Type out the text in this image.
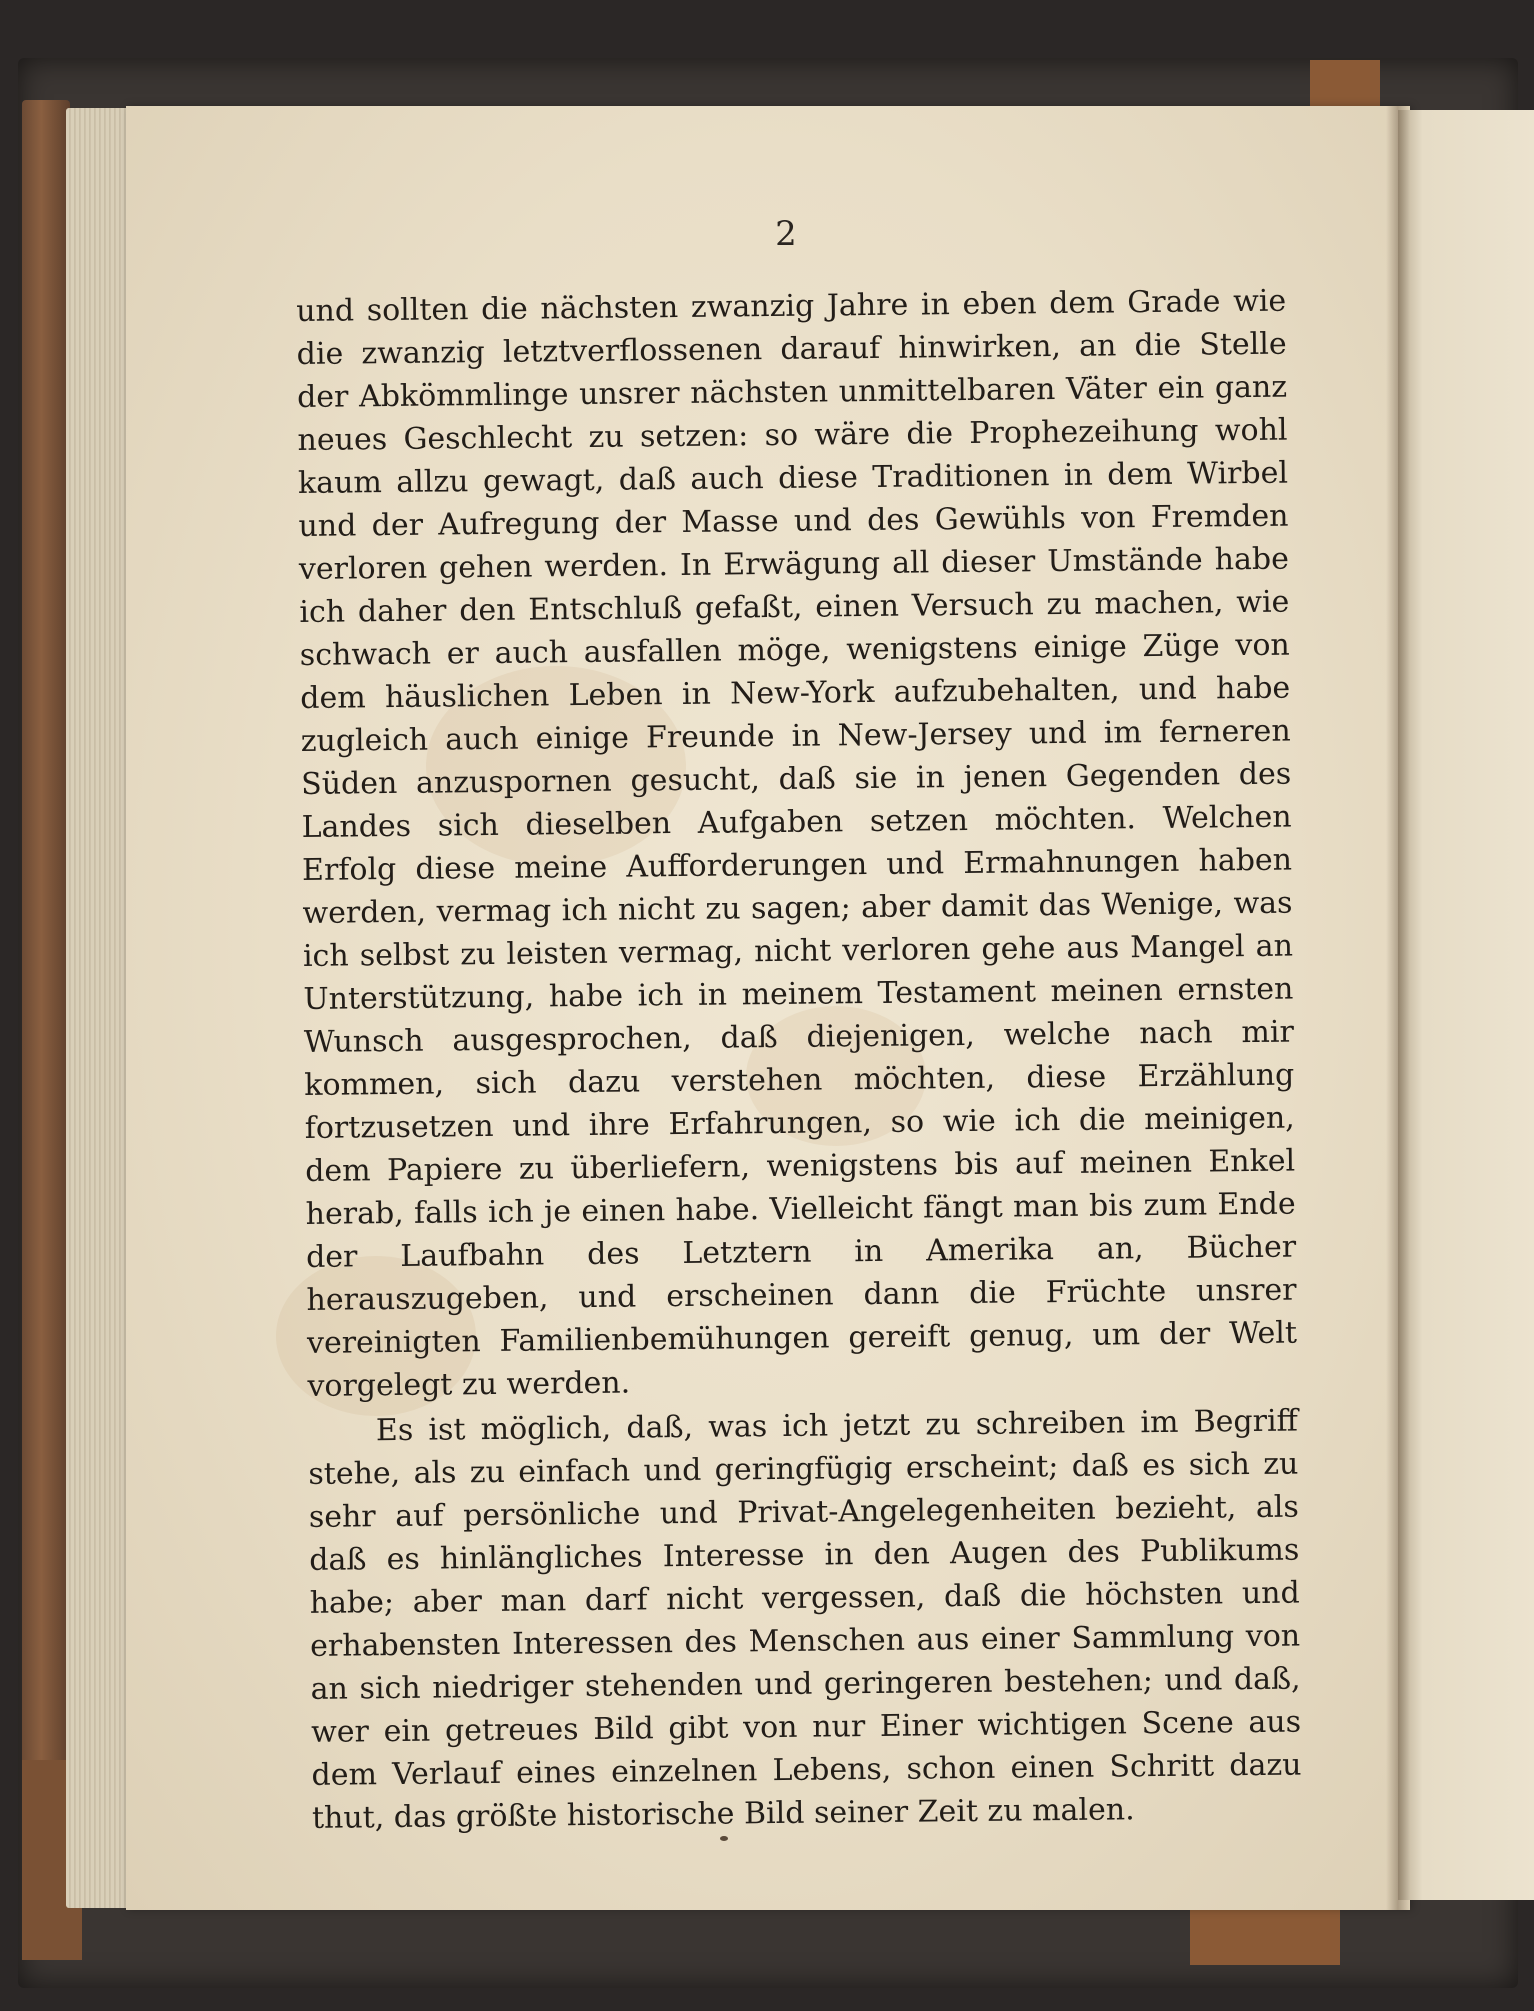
2

und sollten die nächsten zwanzig Jahre in eben dem Grade wie die zwanzig letztverflossenen darauf hinwirken, an die Stelle der Abkömmlinge unsrer nächsten unmittelbaren Väter ein ganz neues Geschlecht zu setzen: so wäre die Prophezeihung wohl kaum allzu gewagt, daß auch diese Traditionen in dem Wirbel und der Aufregung der Masse und des Gewühls von Fremden verloren gehen werden. In Erwägung all dieser Umstände habe ich daher den Entschluß gefaßt, einen Versuch zu machen, wie schwach er auch ausfallen möge, wenigstens einige Züge von dem häuslichen Leben in New-York aufzubehalten, und habe zugleich auch einige Freunde in New-Jersey und im ferneren Süden anzuspornen gesucht, daß sie in jenen Gegenden des Landes sich dieselben Aufgaben setzen möchten. Welchen Erfolg diese meine Aufforderungen und Ermahnungen haben werden, vermag ich nicht zu sagen; aber damit das Wenige, was ich selbst zu leisten vermag, nicht verloren gehe aus Mangel an Unterstützung, habe ich in meinem Testament meinen ernsten Wunsch ausgesprochen, daß diejenigen, welche nach mir kommen, sich dazu verstehen möchten, diese Erzählung fortzusetzen und ihre Erfahrungen, so wie ich die meinigen, dem Papiere zu überliefern, wenigstens bis auf meinen Enkel herab, falls ich je einen habe. Vielleicht fängt man bis zum Ende der Laufbahn des Letztern in Amerika an, Bücher herauszugeben, und erscheinen dann die Früchte unsrer vereinigten Familienbemühungen gereift genug, um der Welt vorgelegt zu werden.

Es ist möglich, daß, was ich jetzt zu schreiben im Begriff stehe, als zu einfach und geringfügig erscheint; daß es sich zu sehr auf persönliche und Privat-Angelegenheiten bezieht, als daß es hinlängliches Interesse in den Augen des Publikums habe; aber man darf nicht vergessen, daß die höchsten und erhabensten Interessen des Menschen aus einer Sammlung von an sich niedriger stehenden und geringeren bestehen; und daß, wer ein getreues Bild gibt von nur Einer wichtigen Scene aus dem Verlauf eines einzelnen Lebens, schon einen Schritt dazu thut, das größte historische Bild seiner Zeit zu malen.
